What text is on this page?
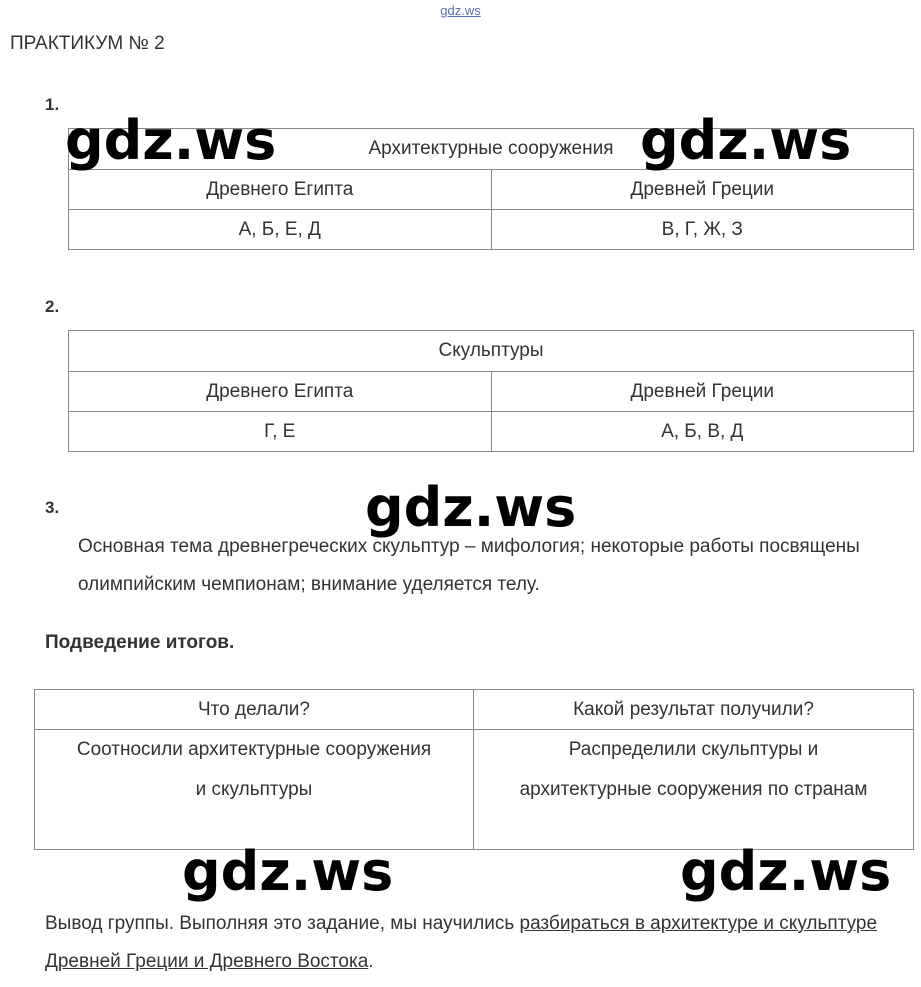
gdz.ws
ПРАКТИКУМ № 2
1.
Архитектурные сооружения	
Древнего Египта	Древней Греции
А, Б, Е, Д	В, Г, Ж, З
2.
Скульптуры	
Древнего Египта	Древней Греции
Г, Е	А, Б, В, Д
3.
Основная тема древнегреческих скульптур – мифология; некоторые работы посвящены олимпийским чемпионам; внимание уделяется телу.
Подведение итогов.
Что делали?	Какой результат получили?
Соотносили архитектурные сооружения и скульптуры	Распределили скульптуры и архитектурные сооружения по странам
Вывод группы. Выполняя это задание, мы научились разбираться в архитектуре и скульптуре Древней Греции и Древнего Востока.
gdz.ws	gdz.ws
gdz.ws
gdz.ws	gdz.ws
